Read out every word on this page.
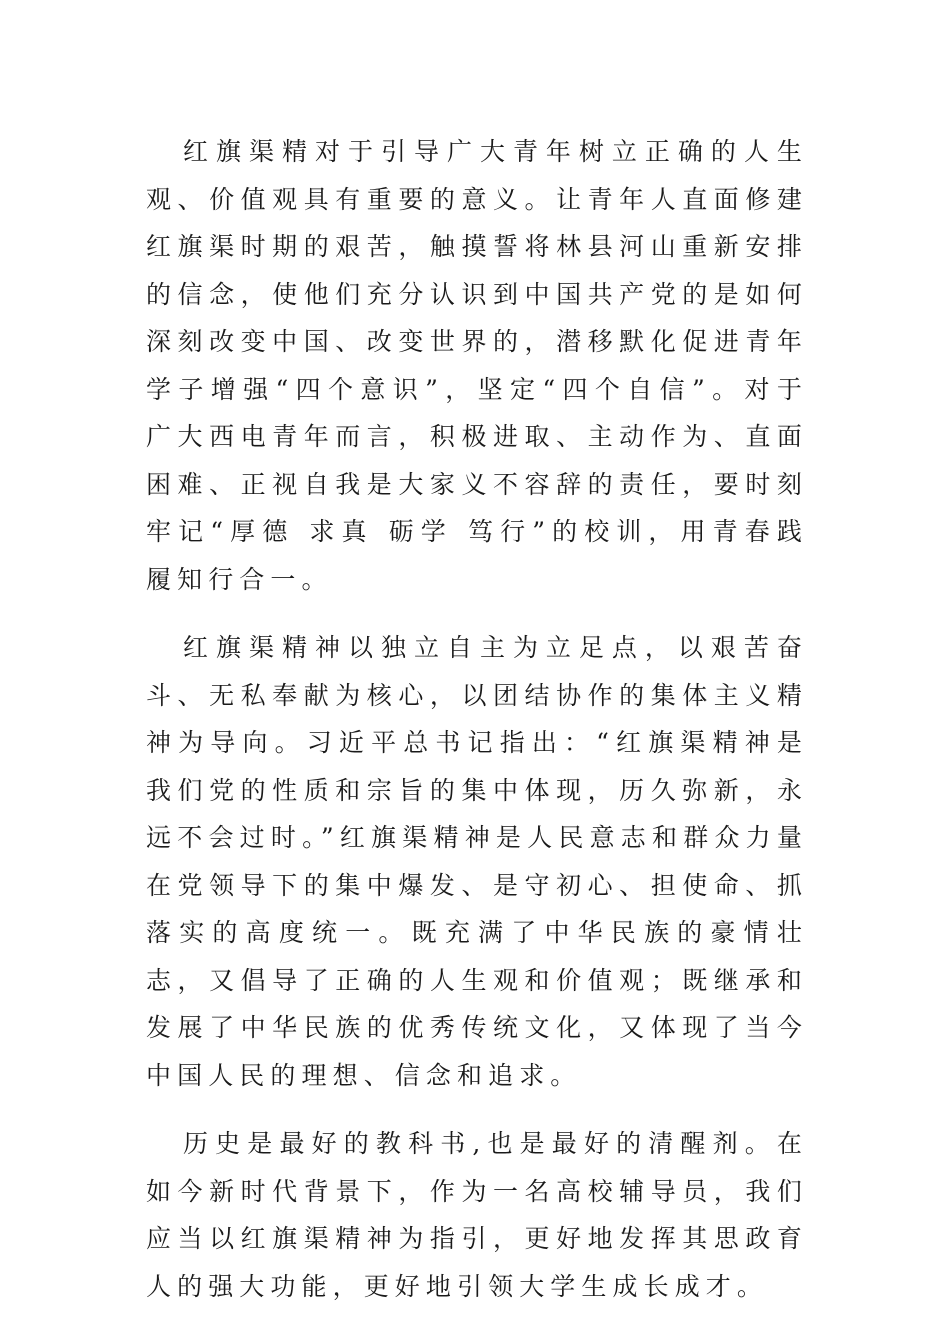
红旗渠精对于引导广大青年树立正确的人生观、价值观具有重要的意义。让青年人直面修建红旗渠时期的艰苦，触摸誓将林县河山重新安排的信念，使他们充分认识到中国共产党的是如何深刻改变中国、改变世界的，潜移默化促进青年学子增强“四个意识”，坚定“四个自信”。对于广大西电青年而言，积极进取、主动作为、直面困难、正视自我是大家义不容辞的责任，要时刻牢记“厚德 求真 砺学 笃行”的校训，用青春践履知行合一。

红旗渠精神以独立自主为立足点，以艰苦奋斗、无私奉献为核心，以团结协作的集体主义精神为导向。习近平总书记指出：“红旗渠精神是我们党的性质和宗旨的集中体现，历久弥新，永远不会过时。”红旗渠精神是人民意志和群众力量在党领导下的集中爆发、是守初心、担使命、抓落实的高度统一。既充满了中华民族的豪情壮志，又倡导了正确的人生观和价值观；既继承和发展了中华民族的优秀传统文化，又体现了当今中国人民的理想、信念和追求。

历史是最好的教科书,也是最好的清醒剂。在如今新时代背景下，作为一名高校辅导员，我们应当以红旗渠精神为指引，更好地发挥其思政育人的强大功能，更好地引领大学生成长成才。
